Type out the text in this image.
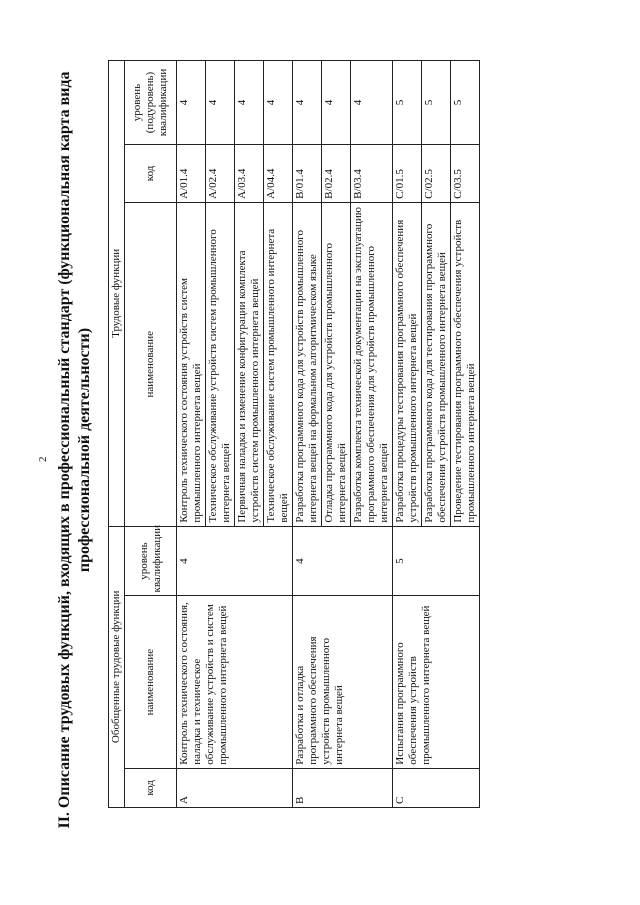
2 II. Описание трудовых функций, входящих в профессиональный стандарт (функциональная карта вида профессиональной деятельности)
Обобщенные трудовые функции			Трудовые функции		
код	наименование	уровень квалификации	наименование	код	уровень (подуровень) квалификации
A	Контроль технического состояния, наладка и техническое обслуживание устройств и систем промышленного интернета вещей	4	Контроль технического состояния устройств систем промышленного интернета вещей	A/01.4	4
			Техническое обслуживание устройств систем промышленного интернета вещей	A/02.4	4
			Первичная наладка и изменение конфигурации комплекта устройств систем промышленного интернета вещей	A/03.4	4
			Техническое обслуживание систем промышленного интернета вещей	A/04.4	4
B	Разработка и отладка программного обеспечения устройств промышленного интернета вещей	4	Разработка программного кода для устройств промышленного интернета вещей на формальном алгоритмическом языке	B/01.4	4
			Отладка программного кода для устройств промышленного интернета вещей	B/02.4	4
			Разработка комплекта технической документации на эксплуатацию программного обеспечения для устройств промышленного интернета вещей	B/03.4	4
C	Испытания программного обеспечения устройств промышленного интернета вещей	5	Разработка процедуры тестирования программного обеспечения устройств промышленного интернета вещей	C/01.5	5
			Разработка программного кода для тестирования программного обеспечения устройств промышленного интернета вещей	C/02.5	5
			Проведение тестирования программного обеспечения устройств промышленного интернета вещей	C/03.5	5
